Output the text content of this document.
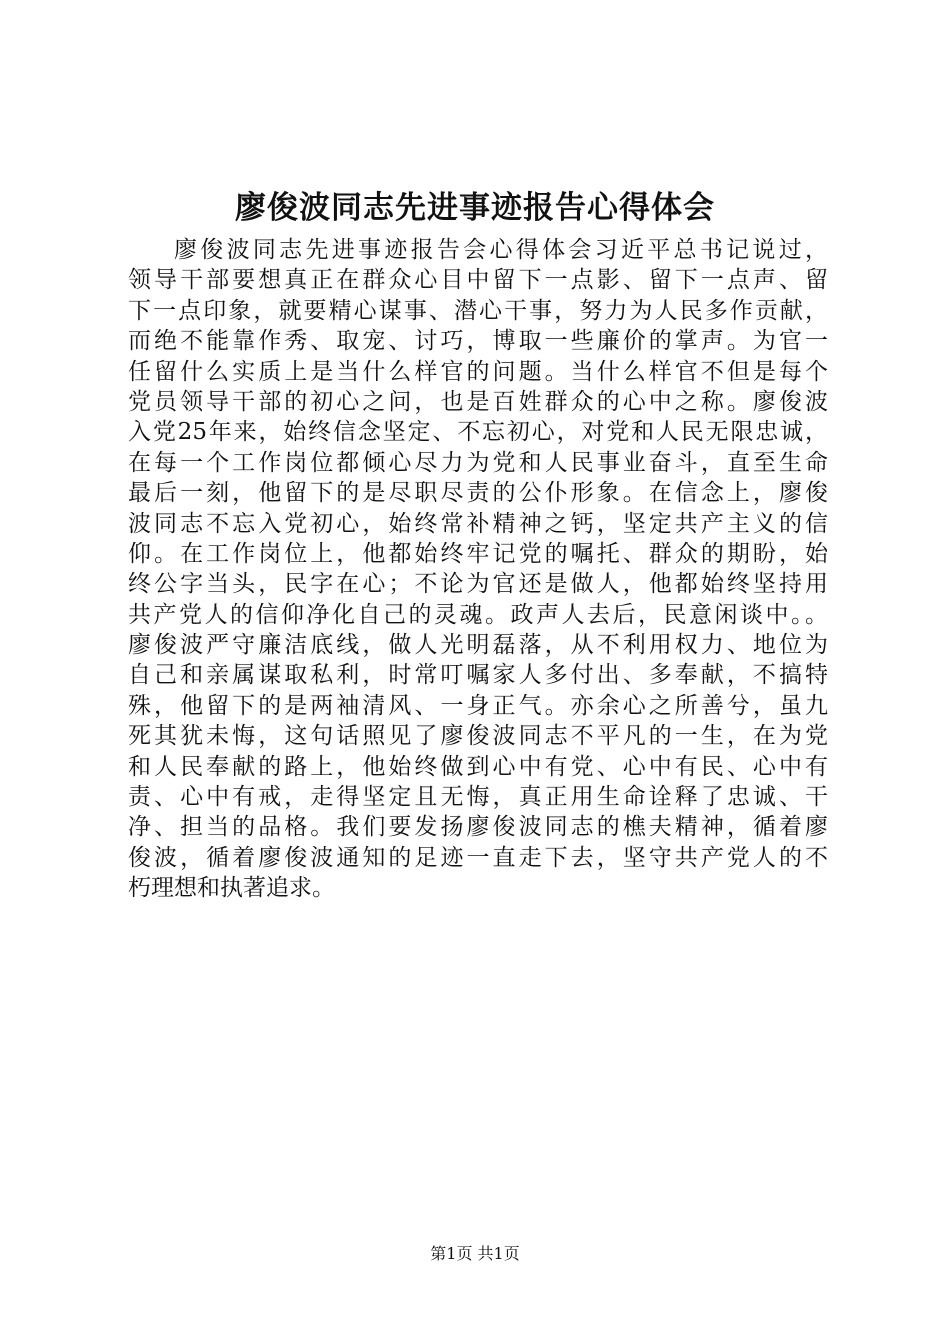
廖俊波同志先进事迹报告心得体会
廖俊波同志先进事迹报告会心得体会习近平总书记说过，
领导干部要想真正在群众心目中留下一点影、留下一点声、留
下一点印象，就要精心谋事、潜心干事，努力为人民多作贡献，
而绝不能靠作秀、取宠、讨巧，博取一些廉价的掌声。为官一
任留什么实质上是当什么样官的问题。当什么样官不但是每个
党员领导干部的初心之问，也是百姓群众的心中之称。廖俊波
入党25年来，始终信念坚定、不忘初心，对党和人民无限忠诚，
在每一个工作岗位都倾心尽力为党和人民事业奋斗，直至生命
最后一刻，他留下的是尽职尽责的公仆形象。在信念上，廖俊
波同志不忘入党初心，始终常补精神之钙，坚定共产主义的信
仰。在工作岗位上，他都始终牢记党的嘱托、群众的期盼，始
终公字当头，民字在心；不论为官还是做人，他都始终坚持用
共产党人的信仰净化自己的灵魂。政声人去后，民意闲谈中。。
廖俊波严守廉洁底线，做人光明磊落，从不利用权力、地位为
自己和亲属谋取私利，时常叮嘱家人多付出、多奉献，不搞特
殊，他留下的是两袖清风、一身正气。亦余心之所善兮，虽九
死其犹未悔，这句话照见了廖俊波同志不平凡的一生，在为党
和人民奉献的路上，他始终做到心中有党、心中有民、心中有
责、心中有戒，走得坚定且无悔，真正用生命诠释了忠诚、干
净、担当的品格。我们要发扬廖俊波同志的樵夫精神，循着廖
俊波，循着廖俊波通知的足迹一直走下去，坚守共产党人的不
朽理想和执著追求。
第1页 共1页
